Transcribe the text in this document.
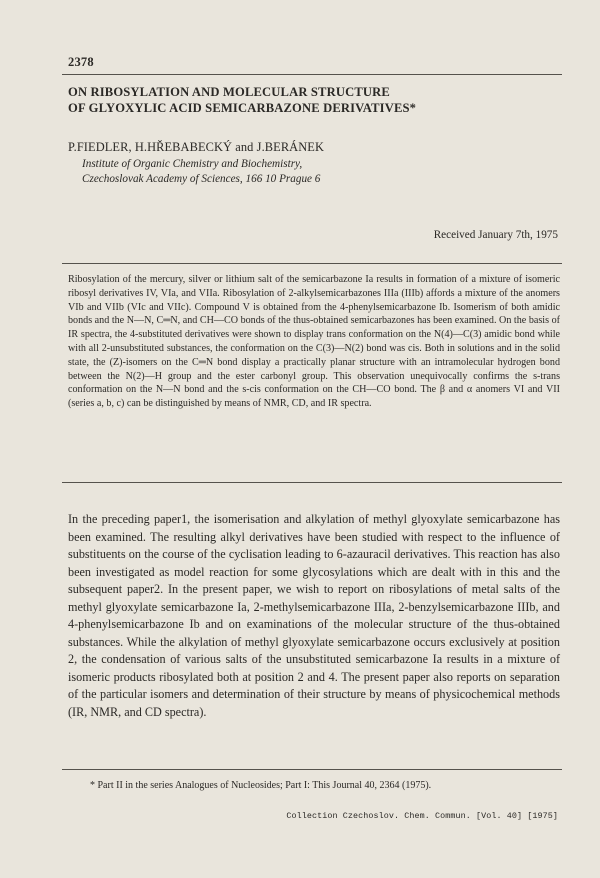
2378
ON RIBOSYLATION AND MOLECULAR STRUCTURE
OF GLYOXYLIC ACID SEMICARBAZONE DERIVATIVES*
P.FIEDLER, H.HŘEBABECKÝ and J.BERÁNEK
Institute of Organic Chemistry and Biochemistry,
Czechoslovak Academy of Sciences, 166 10 Prague 6
Received January 7th, 1975

Ribosylation of the mercury, silver or lithium salt of the semicarbazone Ia results in formation of a mixture of isomeric ribosyl derivatives IV, VIa, and VIIa. Ribosylation of 2-alkylsemicarbazones IIIa (IIIb) affords a mixture of the anomers VIb and VIIb (VIc and VIIc). Compound V is obtained from the 4-phenylsemicarbazone Ib. Isomerism of both amidic bonds and the N—N, C═N, and CH—CO bonds of the thus-obtained semicarbazones has been examined. On the basis of IR spectra, the 4-substituted derivatives were shown to display trans conformation on the N(4)—C(3) amidic bond while with all 2-unsubstituted substances, the conformation on the C(3)—N(2) bond was cis. Both in solutions and in the solid state, the (Z)-isomers on the C═N bond display a practically planar structure with an intramolecular hydrogen bond between the N(2)—H group and the ester carbonyl group. This observation unequivocally confirms the s-trans conformation on the N—N bond and the s-cis conformation on the CH—CO bond. The β and α anomers VI and VII (series a, b, c) can be distinguished by means of NMR, CD, and IR spectra.

In the preceding paper1, the isomerisation and alkylation of methyl glyoxylate semicarbazone has been examined. The resulting alkyl derivatives have been studied with respect to the influence of substituents on the course of the cyclisation leading to 6-azauracil derivatives. This reaction has also been investigated as model reaction for some glycosylations which are dealt with in this and the subsequent paper2. In the present paper, we wish to report on ribosylations of metal salts of the methyl glyoxylate semicarbazone Ia, 2-methylsemicarbazone IIIa, 2-benzylsemicarbazone IIIb, and 4-phenylsemicarbazone Ib and on examinations of the molecular structure of the thus-obtained substances. While the alkylation of methyl glyoxylate semicarbazone occurs exclusively at position 2, the condensation of various salts of the unsubstituted semicarbazone Ia results in a mixture of isomeric products ribosylated both at position 2 and 4. The present paper also reports on separation of the particular isomers and determination of their structure by means of physicochemical methods (IR, NMR, and CD spectra).

* Part II in the series Analogues of Nucleosides; Part I: This Journal 40, 2364 (1975).
Collection Czechoslov. Chem. Commun. [Vol. 40] [1975]
